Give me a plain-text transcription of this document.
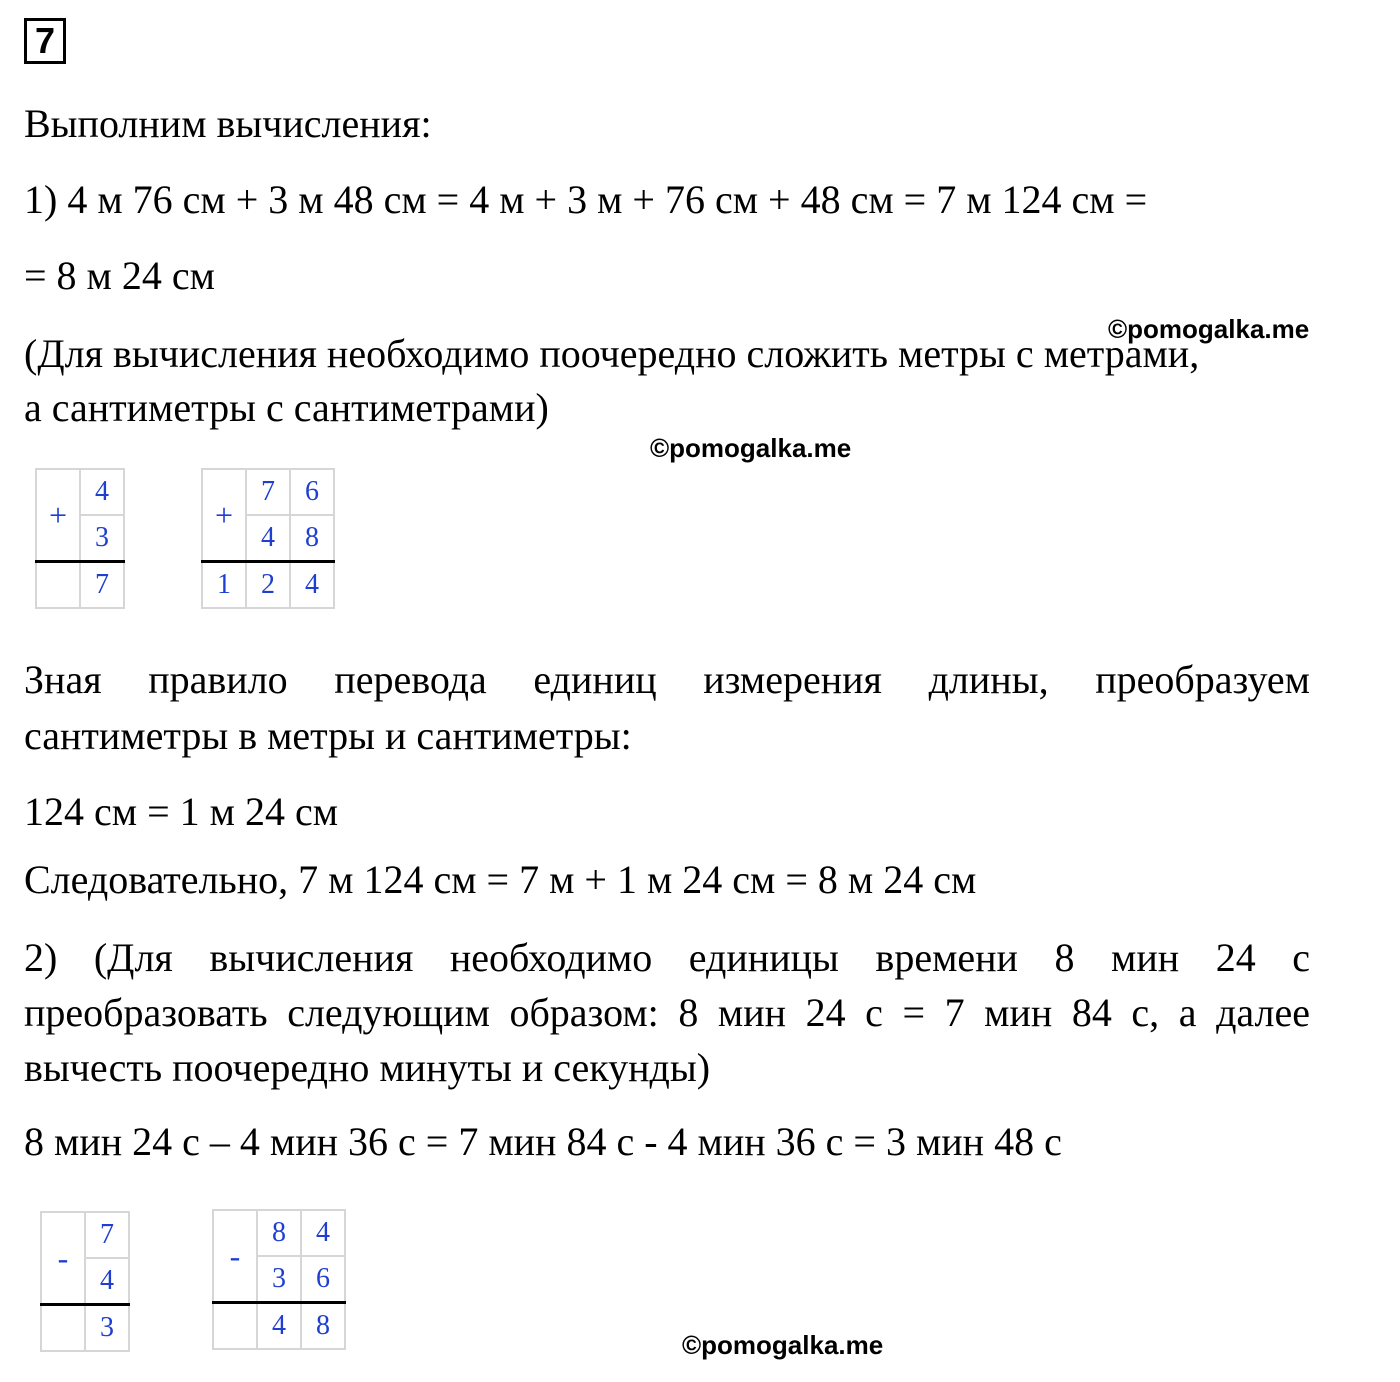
7
Выполним вычисления:
1) 4 м 76 см + 3 м 48 см = 4 м + 3 м + 76 см + 48 см = 7 м 124 см =
= 8 м 24 см
©pomogalka.me
(Для вычисления необходимо поочередно сложить метры с метрами,
а сантиметры с сантиметрами)
©pomogalka.me
+	4
	3
	7
+	7	6
	4	8
1	2	4
Зная правило перевода единиц измерения длины, преобразуем
сантиметры в метры и сантиметры:
124 см = 1 м 24 см
Следовательно, 7 м 124 см = 7 м + 1 м 24 см = 8 м 24 см
2) (Для вычисления необходимо единицы времени 8 мин 24 с
преобразовать следующим образом: 8 мин 24 с = 7 мин 84 с, а далее
вычесть поочередно минуты и секунды)
8 мин 24 с – 4 мин 36 с = 7 мин 84 с - 4 мин 36 с = 3 мин 48 с
-	7
	4
	3
-	8	4
	3	6
	4	8
©pomogalka.me
